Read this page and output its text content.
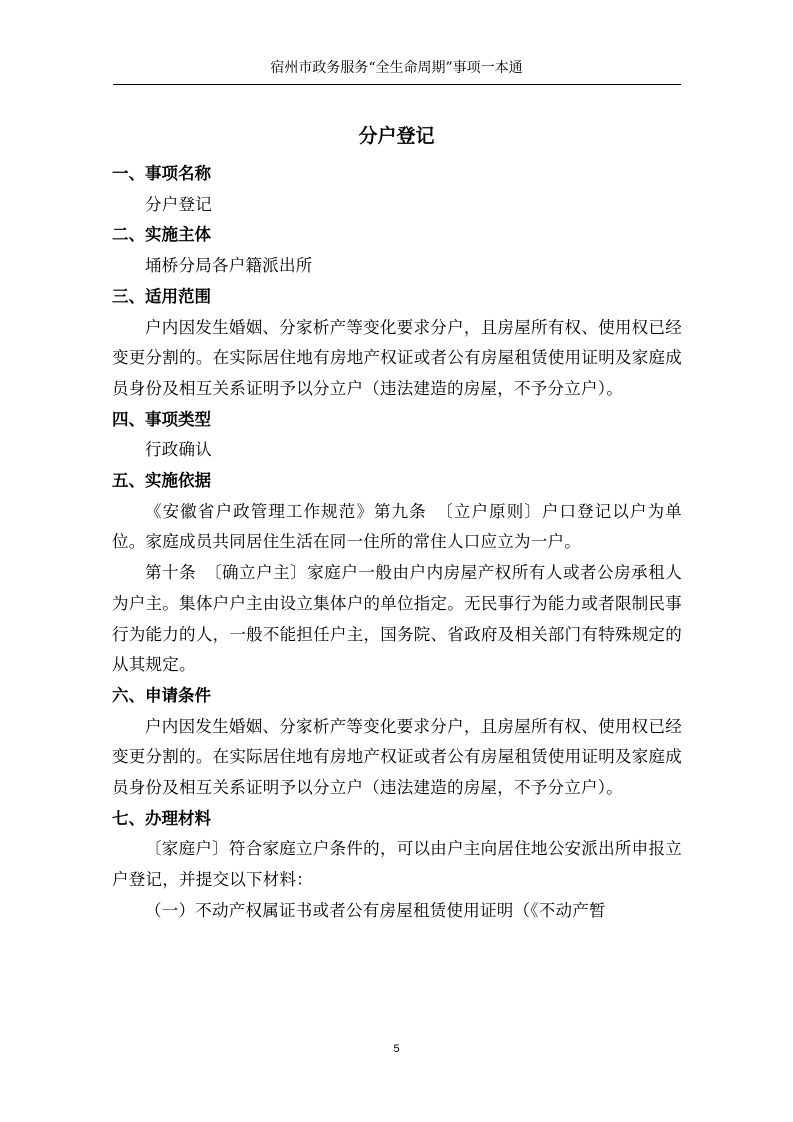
宿州市政务服务“全生命周期”事项一本通
分户登记

一、事项名称

分户登记

二、实施主体

埇桥分局各户籍派出所

三、适用范围

户内因发生婚姻、分家析产等变化要求分户，且房屋所有权、使用权已经变更分割的。在实际居住地有房地产权证或者公有房屋租赁使用证明及家庭成员身份及相互关系证明予以分立户（违法建造的房屋，不予分立户）。

四、事项类型

行政确认

五、实施依据

《安徽省户政管理工作规范》第九条　〔立户原则〕户口登记以户为单位。家庭成员共同居住生活在同一住所的常住人口应立为一户。

第十条　〔确立户主〕家庭户一般由户内房屋产权所有人或者公房承租人为户主。集体户户主由设立集体户的单位指定。无民事行为能力或者限制民事行为能力的人，一般不能担任户主，国务院、省政府及相关部门有特殊规定的从其规定。

六、申请条件

户内因发生婚姻、分家析产等变化要求分户，且房屋所有权、使用权已经变更分割的。在实际居住地有房地产权证或者公有房屋租赁使用证明及家庭成员身份及相互关系证明予以分立户（违法建造的房屋，不予分立户）。

七、办理材料

〔家庭户〕符合家庭立户条件的，可以由户主向居住地公安派出所申报立户登记，并提交以下材料：

（一）不动产权属证书或者公有房屋租赁使用证明（《不动产暂

5
